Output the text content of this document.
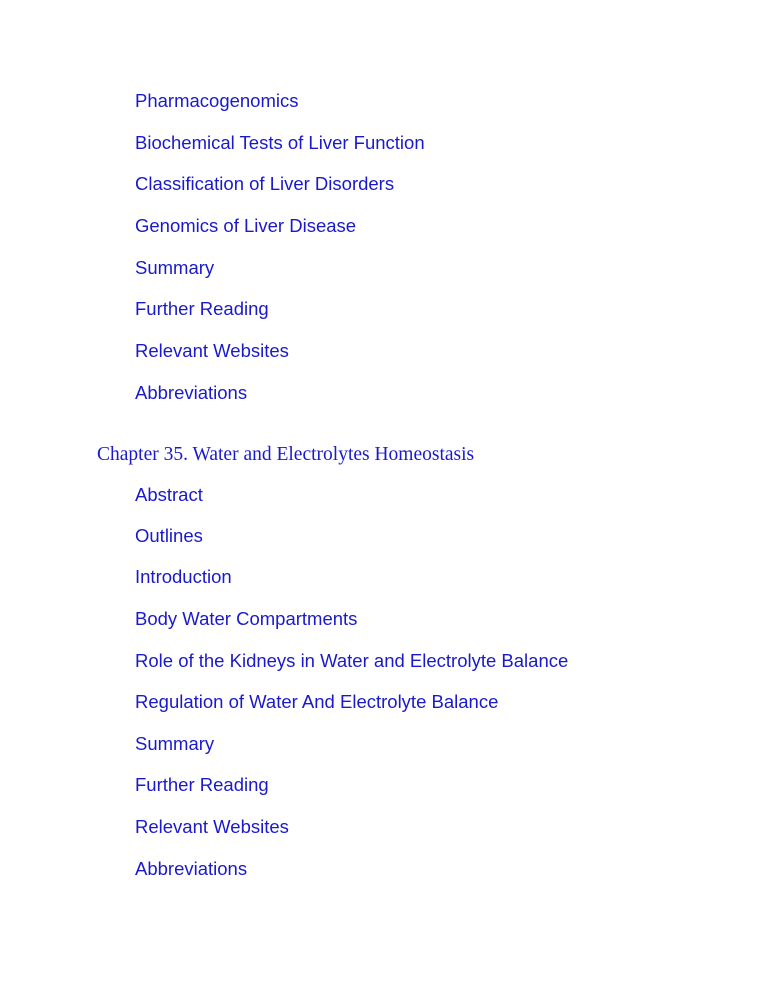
Pharmacogenomics
Biochemical Tests of Liver Function
Classification of Liver Disorders
Genomics of Liver Disease
Summary
Further Reading
Relevant Websites
Abbreviations
Chapter 35. Water and Electrolytes Homeostasis
Abstract
Outlines
Introduction
Body Water Compartments
Role of the Kidneys in Water and Electrolyte Balance
Regulation of Water And Electrolyte Balance
Summary
Further Reading
Relevant Websites
Abbreviations
